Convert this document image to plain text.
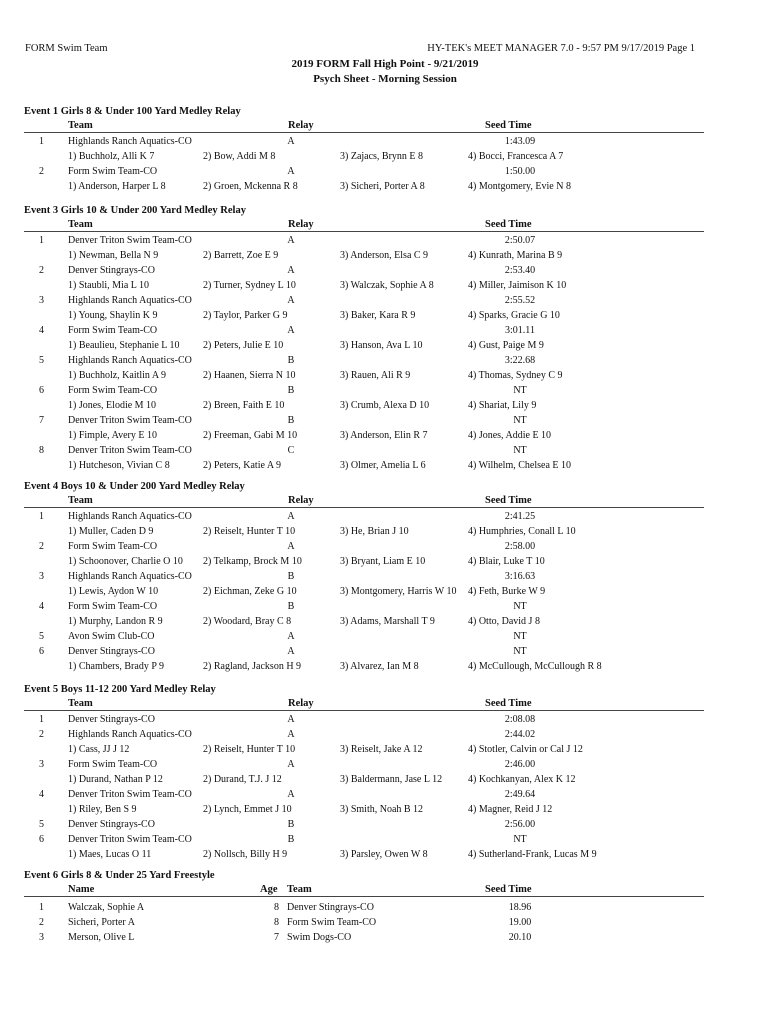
FORM Swim Team	HY-TEK's MEET MANAGER 7.0 - 9:57 PM 9/17/2019 Page 1
2019 FORM Fall High Point - 9/21/2019
Psych Sheet - Morning Session
Event 1 Girls 8 & Under 100 Yard Medley Relay
Team	Relay	Seed Time
1 Highlands Ranch Aquatics-CO	A	1:43.09
1) Buchholz, Alli K 7	2) Bow, Addi M 8	3) Zajacs, Brynn E 8	4) Bocci, Francesca A 7
2 Form Swim Team-CO	A	1:50.00
1) Anderson, Harper L 8	2) Groen, Mckenna R 8	3) Sicheri, Porter A 8	4) Montgomery, Evie N 8
Event 3 Girls 10 & Under 200 Yard Medley Relay
Team	Relay	Seed Time
1 Denver Triton Swim Team-CO	A	2:50.07
1) Newman, Bella N 9	2) Barrett, Zoe E 9	3) Anderson, Elsa C 9	4) Kunrath, Marina B 9
2 Denver Stingrays-CO	A	2:53.40
1) Staubli, Mia L 10	2) Turner, Sydney L 10	3) Walczak, Sophie A 8	4) Miller, Jaimison K 10
3 Highlands Ranch Aquatics-CO	A	2:55.52
1) Young, Shaylin K 9	2) Taylor, Parker G 9	3) Baker, Kara R 9	4) Sparks, Gracie G 10
4 Form Swim Team-CO	A	3:01.11
1) Beaulieu, Stephanie L 10 2) Peters, Julie E 10	3) Hanson, Ava L 10	4) Gust, Paige M 9
5 Highlands Ranch Aquatics-CO	B	3:22.68
1) Buchholz, Kaitlin A 9	2) Haanen, Sierra N 10	3) Rauen, Ali R 9	4) Thomas, Sydney C 9
6 Form Swim Team-CO	B	NT
1) Jones, Elodie M 10	2) Breen, Faith E 10	3) Crumb, Alexa D 10	4) Shariat, Lily 9
7 Denver Triton Swim Team-CO	B	NT
1) Fimple, Avery E 10	2) Freeman, Gabi M 10	3) Anderson, Elin R 7	4) Jones, Addie E 10
8 Denver Triton Swim Team-CO	C	NT
1) Hutcheson, Vivian C 8	2) Peters, Katie A 9	3) Olmer, Amelia L 6	4) Wilhelm, Chelsea E 10
Event 4 Boys 10 & Under 200 Yard Medley Relay
Team	Relay	Seed Time
1 Highlands Ranch Aquatics-CO	A	2:41.25
1) Muller, Caden D 9	2) Reiselt, Hunter T 10	3) He, Brian J 10	4) Humphries, Conall L 10
2 Form Swim Team-CO	A	2:58.00
1) Schoonover, Charlie O 10 2) Telkamp, Brock M 10	3) Bryant, Liam E 10	4) Blair, Luke T 10
3 Highlands Ranch Aquatics-CO	B	3:16.63
1) Lewis, Aydon W 10	2) Eichman, Zeke G 10	3) Montgomery, Harris W 10 4) Feth, Burke W 9
4 Form Swim Team-CO	B	NT
1) Murphy, Landon R 9	2) Woodard, Bray C 8	3) Adams, Marshall T 9	4) Otto, David J 8
5 Avon Swim Club-CO	A	NT
6 Denver Stingrays-CO	A	NT
1) Chambers, Brady P 9	2) Ragland, Jackson H 9	3) Alvarez, Ian M 8	4) McCullough, McCullough R 8
Event 5 Boys 11-12 200 Yard Medley Relay
Team	Relay	Seed Time
1 Denver Stingrays-CO	A	2:08.08
2 Highlands Ranch Aquatics-CO	A	2:44.02
1) Cass, JJ J 12	2) Reiselt, Hunter T 10	3) Reiselt, Jake A 12	4) Stotler, Calvin or Cal J 12
3 Form Swim Team-CO	A	2:46.00
1) Durand, Nathan P 12	2) Durand, T.J. J 12	3) Baldermann, Jase L 12	4) Kochkanyan, Alex K 12
4 Denver Triton Swim Team-CO	A	2:49.64
1) Riley, Ben S 9	2) Lynch, Emmet J 10	3) Smith, Noah B 12	4) Magner, Reid J 12
5 Denver Stingrays-CO	B	2:56.00
6 Denver Triton Swim Team-CO	B	NT
1) Maes, Lucas O 11	2) Nollsch, Billy H 9	3) Parsley, Owen W 8	4) Sutherland-Frank, Lucas M 9
Event 6 Girls 8 & Under 25 Yard Freestyle
Name	Age Team	Seed Time
1 Walczak, Sophie A	8 Denver Stingrays-CO	18.96
2 Sicheri, Porter A	8 Form Swim Team-CO	19.00
3 Merson, Olive L	7 Swim Dogs-CO	20.10
